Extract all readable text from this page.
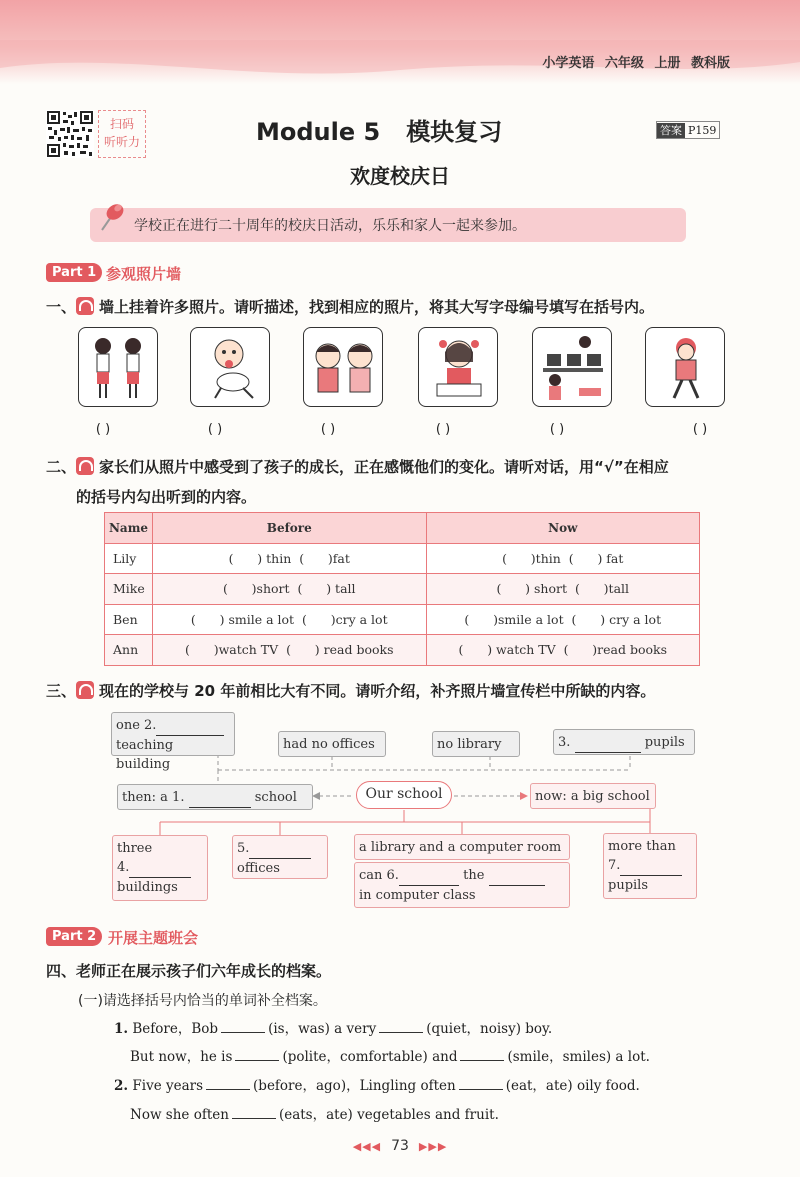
小学英语 六年级 上册 教科版
扫码
听听力	Module 5 模块复习	答案 P159
欢度校庆日
学校正在进行二十周年的校庆日活动，乐乐和家人一起来参加。
Part 1 参观照片墙
一、 墙上挂着许多照片。请听描述，找到相应的照片，将其大写字母编号填写在括号内。
( )	( )	( )	( )	( )	( )
二、 家长们从照片中感受到了孩子的成长，正在感慨他们的变化。请听对话，用“√”在相应
的括号内勾出听到的内容。
Name	Before	Now
Lily	(      ) thin  (      )fat	(      )thin  (      ) fat
Mike	(      )short  (      ) tall	(      ) short  (      )tall
Ben	(      ) smile a lot  (      )cry a lot	(      )smile a lot  (      ) cry a lot
Ann	(      )watch TV  (      ) read books	(      ) watch TV  (      )read books
三、 现在的学校与 20 年前相比大有不同。请听介绍，补齐照片墙宣传栏中所缺的内容。
one 2.
teaching building
had no offices	no library	3.	pupils
then: a 1.	school	Our school	now: a big school
three
4.
buildings
5.
offices
a library and a computer room
can 6.	the
in computer class
more than
7.
pupils
Part 2 开展主题班会
四、老师正在展示孩子们六年成长的档案。
(一)请选择括号内恰当的单词补全档案。
1. Before，Bob	(is，was) a very	(quiet，noisy) boy.
But now，he is	(polite，comfortable) and	(smile，smiles) a lot.
2. Five years	(before，ago)，Lingling often	(eat，ate) oily food.
Now she often	(eats，ate) vegetables and fruit.
◀◀◀ 73 ▶▶▶
